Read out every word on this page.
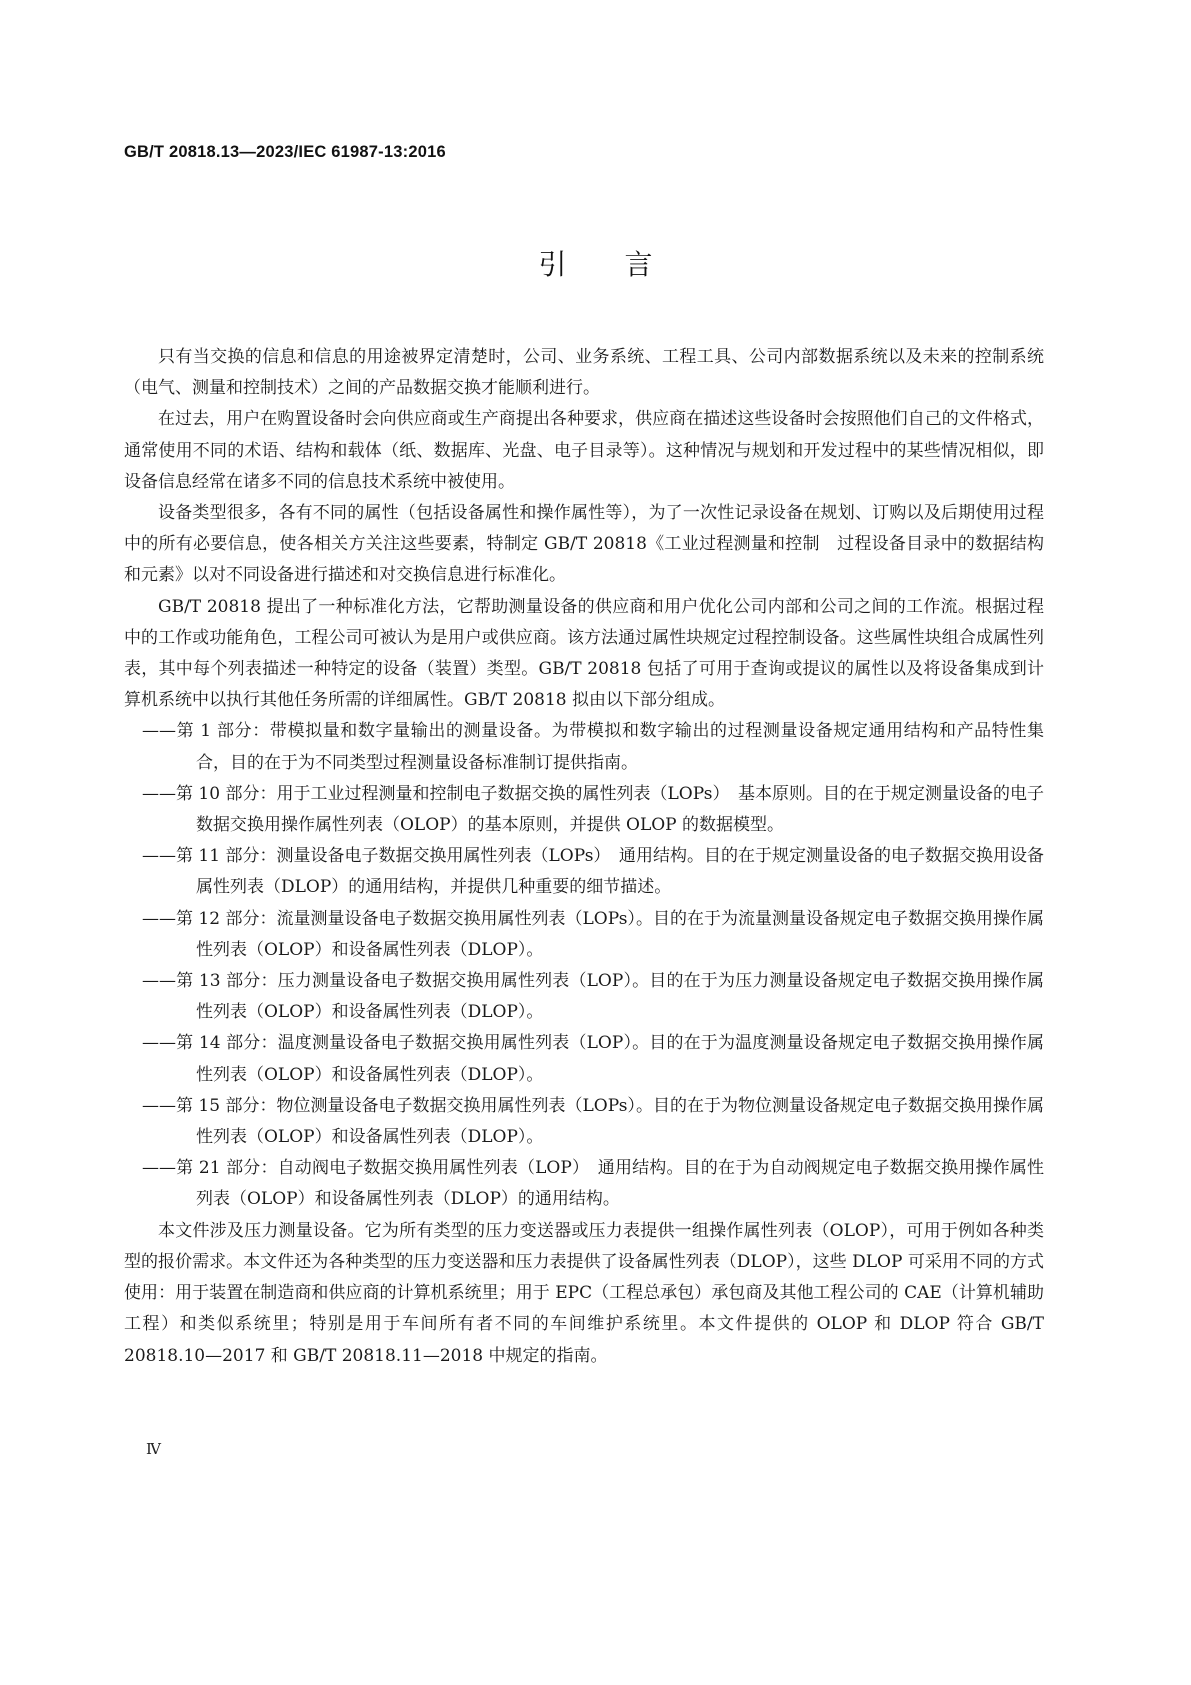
GB/T 20818.13—2023/IEC 61987-13:2016
引言

只有当交换的信息和信息的用途被界定清楚时，公司、业务系统、工程工具、公司内部数据系统以及未来的控制系统（电气、测量和控制技术）之间的产品数据交换才能顺利进行。

在过去，用户在购置设备时会向供应商或生产商提出各种要求，供应商在描述这些设备时会按照他们自己的文件格式，通常使用不同的术语、结构和载体（纸、数据库、光盘、电子目录等）。这种情况与规划和开发过程中的某些情况相似，即设备信息经常在诸多不同的信息技术系统中被使用。

设备类型很多，各有不同的属性（包括设备属性和操作属性等），为了一次性记录设备在规划、订购以及后期使用过程中的所有必要信息，使各相关方关注这些要素，特制定 GB/T 20818《工业过程测量和控制　过程设备目录中的数据结构和元素》以对不同设备进行描述和对交换信息进行标准化。

GB/T 20818 提出了一种标准化方法，它帮助测量设备的供应商和用户优化公司内部和公司之间的工作流。根据过程中的工作或功能角色，工程公司可被认为是用户或供应商。该方法通过属性块规定过程控制设备。这些属性块组合成属性列表，其中每个列表描述一种特定的设备（装置）类型。GB/T 20818 包括了可用于查询或提议的属性以及将设备集成到计算机系统中以执行其他任务所需的详细属性。GB/T 20818 拟由以下部分组成。

——第 1 部分：带模拟量和数字量输出的测量设备。为带模拟和数字输出的过程测量设备规定通用结构和产品特性集合，目的在于为不同类型过程测量设备标准制订提供指南。
——第 10 部分：用于工业过程测量和控制电子数据交换的属性列表（LOPs）　基本原则。目的在于规定测量设备的电子数据交换用操作属性列表（OLOP）的基本原则，并提供 OLOP 的数据模型。
——第 11 部分：测量设备电子数据交换用属性列表（LOPs）　通用结构。目的在于规定测量设备的电子数据交换用设备属性列表（DLOP）的通用结构，并提供几种重要的细节描述。
——第 12 部分：流量测量设备电子数据交换用属性列表（LOPs）。目的在于为流量测量设备规定电子数据交换用操作属性列表（OLOP）和设备属性列表（DLOP）。
——第 13 部分：压力测量设备电子数据交换用属性列表（LOP）。目的在于为压力测量设备规定电子数据交换用操作属性列表（OLOP）和设备属性列表（DLOP）。
——第 14 部分：温度测量设备电子数据交换用属性列表（LOP）。目的在于为温度测量设备规定电子数据交换用操作属性列表（OLOP）和设备属性列表（DLOP）。
——第 15 部分：物位测量设备电子数据交换用属性列表（LOPs）。目的在于为物位测量设备规定电子数据交换用操作属性列表（OLOP）和设备属性列表（DLOP）。
——第 21 部分：自动阀电子数据交换用属性列表（LOP）　通用结构。目的在于为自动阀规定电子数据交换用操作属性列表（OLOP）和设备属性列表（DLOP）的通用结构。

本文件涉及压力测量设备。它为所有类型的压力变送器或压力表提供一组操作属性列表（OLOP），可用于例如各种类型的报价需求。本文件还为各种类型的压力变送器和压力表提供了设备属性列表（DLOP），这些 DLOP 可采用不同的方式使用：用于装置在制造商和供应商的计算机系统里；用于 EPC（工程总承包）承包商及其他工程公司的 CAE（计算机辅助工程）和类似系统里；特别是用于车间所有者不同的车间维护系统里。本文件提供的 OLOP 和 DLOP 符合 GB/T 20818.10—2017 和 GB/T 20818.11—2018 中规定的指南。

Ⅳ
